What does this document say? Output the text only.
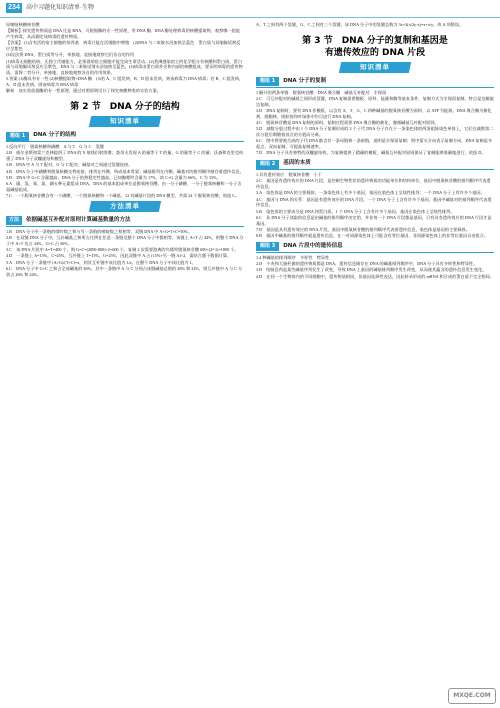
234	高中习题化知识清单·生物

尿嘧啶核糖核苷酸

【解析】探究遗传物质是 DNA 还是 RNA，可根据酶的专一性原理，用 DNA 酶、RNA 酶处理病毒的核酸提取物，观察哪一组能产生病毒，从而确定该病毒的遗传物质。

【答案】 (1)含有活的宿主细胞的培养基　病毒只能在活细胞中增殖　(2)DNA 与二苯胺水浴加热呈蓝色　蛋白质与双缩脲试剂反应呈紫色

(3)设法将 DNA、蛋白质等分开，单独地、直接地观察它们各自的作用

(1)病毒无细胞结构，无独立代谢能力，必须借助宿主细胞才能完成生命活动。(2)煮沸感染宿主的化学组分有核酸和蛋白质，蛋白质与双缩脲试剂反应呈紫色，DNA 与二苯胺试剂水浴加热呈蓝色。(3)病毒由蛋白质外壳和内部的核酸组成，要证明病毒的遗传物质，需将二者分开，单独地、直接地观察各自的作用效果。

5.答案 (1)酶具有专一性 (2)核酸提取物+DNA 酶　(3)若 A、C 组发病，B、D 组未发病，则该病毒为 DNA 病毒；若 B、C 组发病，A、D 组未发病，则该病毒为 RNA 病毒

解析　该实验依据酶的专一性原理，通过对照原则设计了探究核酸种类的实验方案。

第 2 节　DNA 分子的结构
知识清单
题组 1	DNA 分子的结构

1.反向平行　脱氧核糖和磷酸　A 与 T　G 与 C　氢键

2.B　威尔金斯和富兰克林提供了 DNA 的 X 射线衍射图谱；查哥夫发现 A 的量等于 T 的量，G 的量等于 C 的量；沃森和克里克构建了 DNA 分子双螺旋结构模型。

3.B　DNA 中 A 与 T 配对，G 与 C 配对，碱基对之间通过氢键连接。

4.B　DNA 分子中磷酸和脱氧核糖交替连接，排列在外侧，构成基本骨架；碱基排列在内侧，碱基对的排列顺序储存着遗传信息。

5.D　DNA 中 G+C 含量越高，DNA 分子的热稳定性越高，已知腺嘌呤含量为 17%，故 C+G 含量为 66%，C 为 33%。

6.A　碳、氢、氧、氮、磷五种元素组成 DNA，DNA 的基本组成单位是脱氧核苷酸，由一分子磷酸、一分子脱氧核糖和一分子含氮碱基组成。

7.C　一个脱氧核苷酸含有一个磷酸、一个脱氧核糖和一个碱基，12 对碱基片段的 DNA 模型，共需 24 个脱氧核苷酸，故选 C。

方法清单
方法	依据碱基互补配对原则计算碱基数量的方法

1.B　DNA 分子中一条链的嘌呤数之和与另一条链的嘧啶数之和相等，双链 DNA 中 A+G=T+C=50%。

2.B　在双链 DNA 分子中，互补碱基之和所占比例在任意一条链及整个 DNA 分子中都相等；该链上 A+T 占 44%，则整个 DNA 分子中 A+T 也占 44%，G+C 占 56%。

3.C　该 DNA 片段中 A=T=400 个，则 G=C=(2000-800)÷2=600 个，复制 2 次需要游离的鸟嘌呤脱氧核苷酸 600×(2²-1)=1800 个。

4.D　一条链上 A=15%，C=25%，互补链上 T=15%，G=25%，因此双链中 A 占 (15%+另一链 A)÷2，需结合题干数据计算。

5.A　DNA 分子一条链中 (A+G)/(T+C)=a，则其互补链中该比值为 1/a，在整个 DNA 分子中该比值为 1。

6.C　DNA 分子中 G+C 之和占全部碱基的 46%，其中一条链中 A 与 C 分别占该链碱基总数的 28% 和 22%，则互补链中 A 与 C 分别占 26% 和 24%。

A、T 之间有两个氢键，G、C 之间有三个氢键，该 DNA 分子中的氢键总数为 3x+2(x/2y-x)=x+x/y，故 A 项错误。

第 3 节　DNA 分子的复制和基因是
有遗传效应的 DNA 片段
知识清单
题组 1	DNA 分子的复制

1.解开的两条单链　脱氧核苷酸　DNA 聚合酶　碱基互补配对　半保留

2.C　可互补配对的碱基之间形成氢键，DNA 复制需要模板、原料、能量和酶等基本条件，复制方式为半保留复制，特点是边解旋边复制。

3.D　DNA 复制时，要有 DNA 作模板，以含有 A、T、G、C 四种碱基的脱氧核苷酸为原料，以 ATP 为能源，DNA 聚合酶为催化剂，细胞核、线粒体和叶绿体中均可进行 DNA 复制。

4.C　脱氧核苷酸是 DNA 复制的原料，复制过程需要 DNA 聚合酶的催化，遵循碱基互补配对原则。

5.D　减数分裂过程中由 1 个 DNA 分子复制形成的 2 个子代 DNA 分子存在于一条染色体的两条姐妹染色单体上，它们在减数第二次分裂后期随着丝点的分裂而分离。

6.C　图中将要被合成的子代 DNA 都含有一条母链和一条新链，说明是半保留复制；图中箭头方向表示复制方向，DNA 复制是多起点、双向复制，可提高复制速率。

7.D　DNA 分子具有独特的双螺旋结构，为复制提供了精确的模板，碱基互补配对原则保证了复制能够准确地进行，故选 D。

题组 2	基因的本质

1.具有遗传效应　脱氧核苷酸　小于

2.C　基因是有遗传效应的 DNA 片段，是控制生物性状的遗传物质的功能单位和结构单位，基因中脱氧核苷酸的排列顺序代表遗传信息。

3.A　染色体是 DNA 的主要载体，一条染色体上有多个基因，基因在染色体上呈线性排列；一个 DNA 分子上有许多个基因。

4.C　基因与 DNA 的关系：基因是有遗传效应的 DNA 片段，一个 DNA 分子上含有许多个基因，基因中碱基对的排列顺序代表遗传信息。

5.B　染色体的主要成分是 DNA 和蛋白质，1 个 DNA 分子上含有许多个基因，基因在染色体上呈线性排列。

6.C　从 DNA 分子读取的信息是由碱基的排列顺序决定的，并非每一个 DNA 片段都是基因，只有具有遗传效应的 DNA 片段才是基因。

7.D　基因是具有遗传效应的 DNA 片段，基因中脱氧核苷酸的排列顺序代表着遗传信息，染色体是基因的主要载体。

8.B　基因中碱基的排列顺序就是遗传信息，在一对同源染色体上可能含有等位基因，非同源染色体上的非等位基因自由组合。

题组 3	DNA 片段中的遗传信息

1.4 种碱基的排列顺序　多样性　特异性

2.D　小麦和大肠杆菌的遗传物质都是 DNA，遗传信息储存在 DNA 的碱基排列顺序中，DNA 分子具有多样性和特异性。

3.B　结肠息肉是某些碱基序列发生了改变，导致 DNA 上基因的碱基排列顺序发生改变，从而使其蕴含的遗传信息发生变化。

4.D　在同一个生物体内的不同细胞中，遗传物质相同，但基因选择性表达，因此转录形成的 mRNA 和合成的蛋白质不完全相同。

MXQE.COM
